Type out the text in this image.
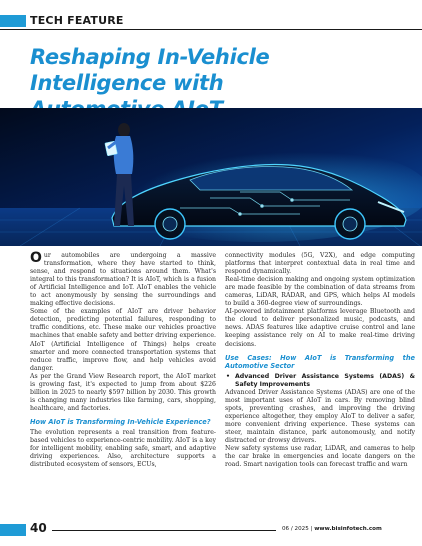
TECH FEATURE
Reshaping In-Vehicle Intelligence with

Our automobiles are undergoing a massive transformation, where they have started to think, sense, and respond to situations around them. What's integral to this transformation? It is AIoT, which is a fusion of Artificial Intelligence and IoT. AIoT enables the vehicle to act anonymously by sensing the surroundings and making effective decisions.

Some of the examples of AIoT are driver behavior detection, predicting potential failures, responding to traffic conditions, etc. These make our vehicles proactive machines that enable safety and better driving experience. AIoT (Artificial Intelligence of Things) helps create smarter and more connected transportation systems that reduce traffic, improve flow, and help vehicles avoid danger.

As per the Grand View Research report, the AIoT market is growing fast, it's expected to jump from about $226 billion in 2025 to nearly $597 billion by 2030. This growth is changing many industries like farming, cars, shopping, healthcare, and factories.

How AIoT is Transforming In-Vehicle Experience?

The evolution represents a real transition from feature-based vehicles to experience-centric mobility. AIoT is a key for intelligent mobility, enabling safe, smart, and adaptive driving experiences. Also, architecture supports a distributed ecosystem of sensors, ECUs,

connectivity modules (5G, V2X), and edge computing platforms that interpret contextual data in real time and respond dynamically.

Real-time decision making and ongoing system optimization are made feasible by the combination of data streams from cameras, LiDAR, RADAR, and GPS, which helps AI models to build a 360-degree view of surroundings.

AI-powered infotainment platforms leverage Bluetooth and the cloud to deliver personalized music, podcasts, and news. ADAS features like adaptive cruise control and lane keeping assistance rely on AI to make real-time driving decisions.

Use Cases: How AIoT is Transforming the Automotive Sector
• Advanced Driver Assistance Systems (ADAS) & Safety Improvements

Advanced Driver Assistance Systems (ADAS) are one of the most important uses of AIoT in cars. By removing blind spots, preventing crashes, and improving the driving experience altogether, they employ AIoT to deliver a safer, more convenient driving experience. These systems can steer, maintain distance, park autonomously, and notify distracted or drowsy drivers.

New safety systems use radar, LiDAR, and cameras to help the car brake in emergencies and locate dangers on the road. Smart navigation tools can forecast traffic and warn

40	06 / 2025 | www.bisinfotech.com
